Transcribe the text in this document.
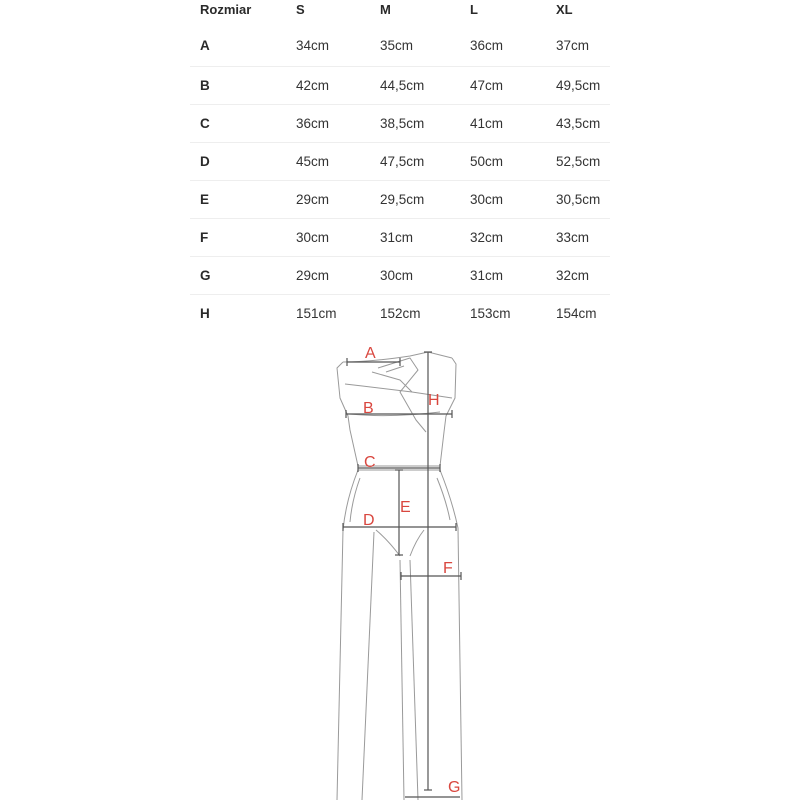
Rozmiar	S	M	L	XL
A	34cm	35cm	36cm	37cm
B	42cm	44,5cm	47cm	49,5cm
C	36cm	38,5cm	41cm	43,5cm
D	45cm	47,5cm	50cm	52,5cm
E	29cm	29,5cm	30cm	30,5cm
F	30cm	31cm	32cm	33cm
G	29cm	30cm	31cm	32cm
H	151cm	152cm	153cm	154cm
A
B
C
D
E
F
G
H
